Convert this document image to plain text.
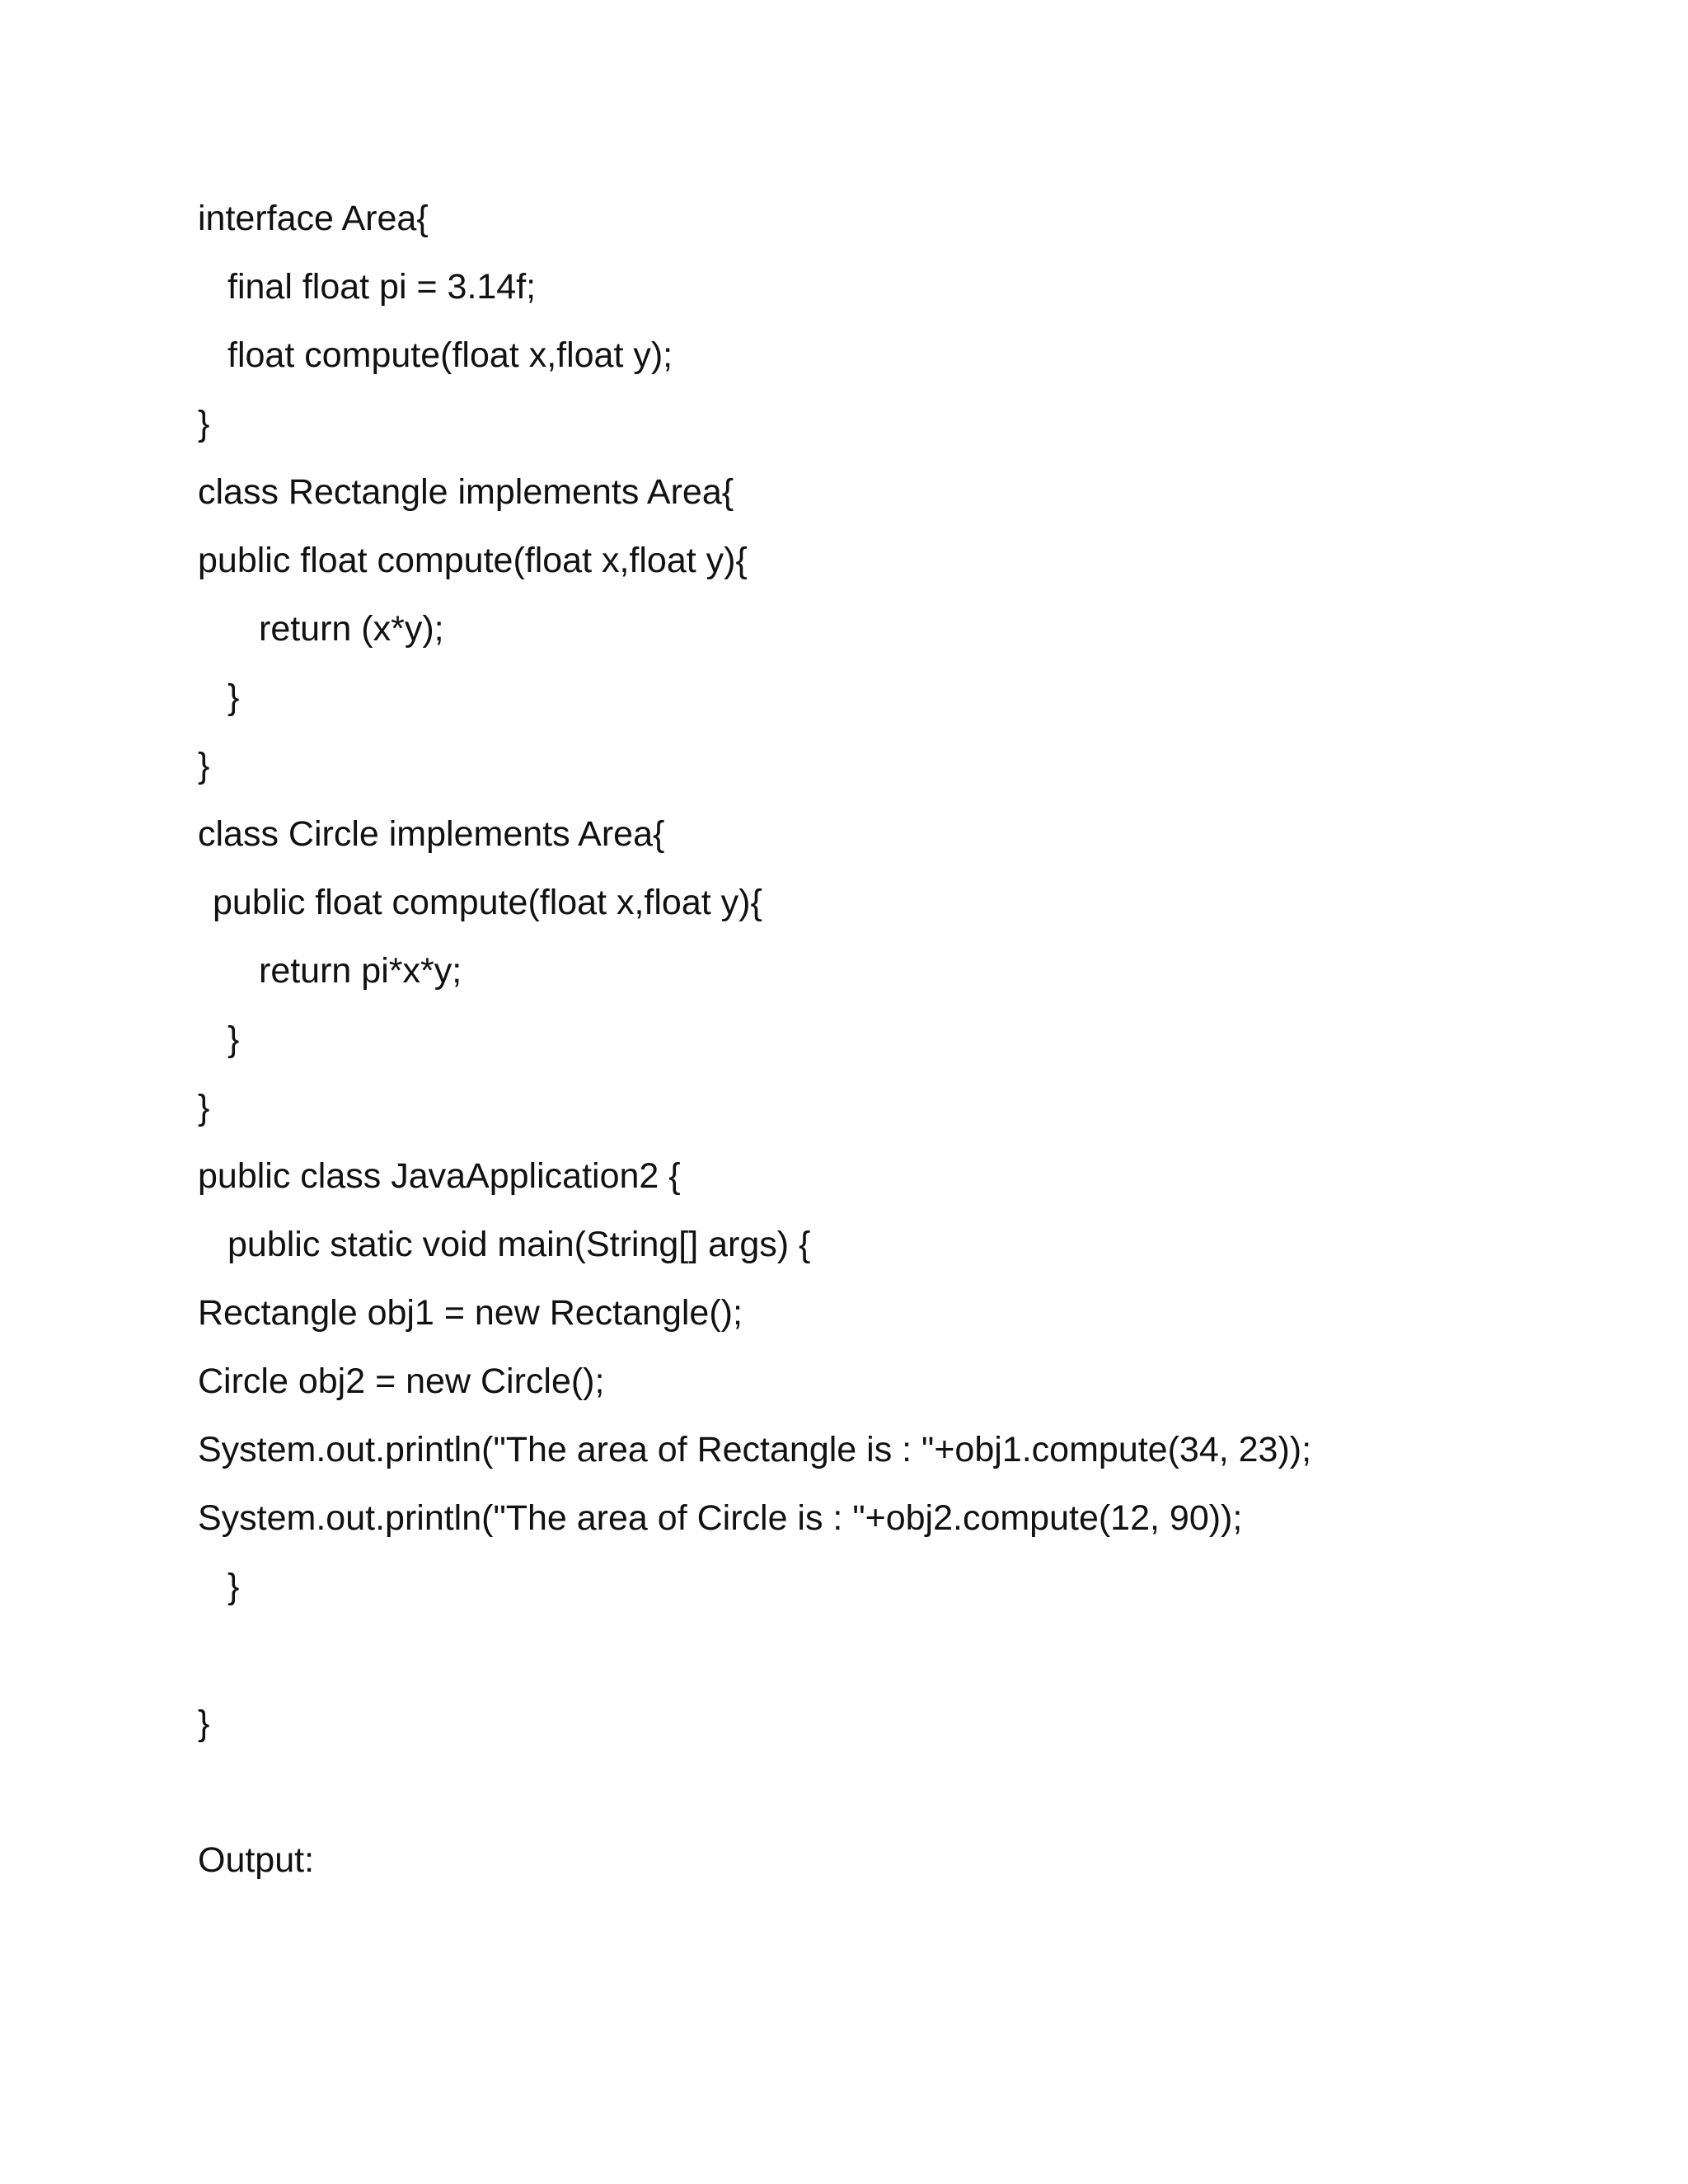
interface Area{
final float pi = 3.14f;
float compute(float x,float y);
}
class Rectangle implements Area{
public float compute(float x,float y){
return (x*y);
}
}
class Circle implements Area{
public float compute(float x,float y){
return pi*x*y;
}
}
public class JavaApplication2 {
public static void main(String[] args) {
Rectangle obj1 = new Rectangle();
Circle obj2 = new Circle();
System.out.println("The area of Rectangle is : "+obj1.compute(34, 23));
System.out.println("The area of Circle is : "+obj2.compute(12, 90));
}
}
Output:
